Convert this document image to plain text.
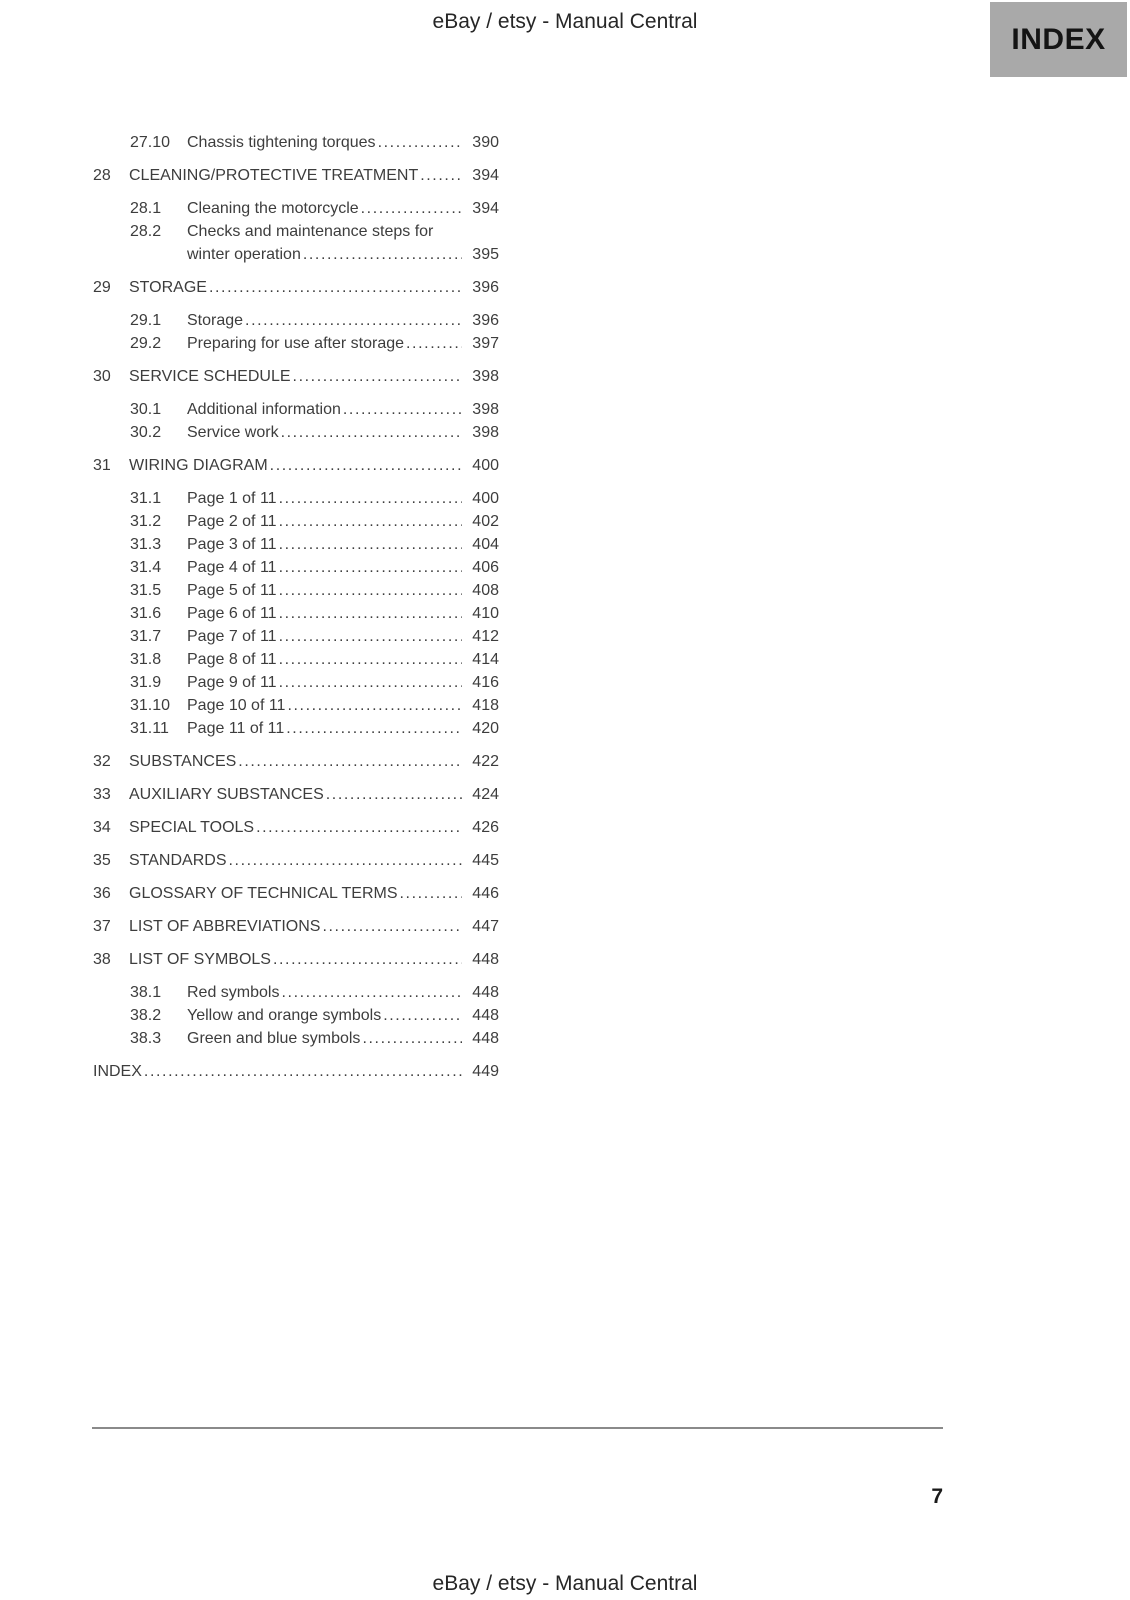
eBay / etsy - Manual Central
INDEX
27.10	Chassis tightening torques .....	390
28	CLEANING/PROTECTIVE TREATMENT .....	394
28.1	Cleaning the motorcycle .....	394
28.2	Checks and maintenance steps for
winter operation .....	395
29	STORAGE .....	396
29.1	Storage .....	396
29.2	Preparing for use after storage .....	397
30	SERVICE SCHEDULE .....	398
30.1	Additional information .....	398
30.2	Service work .....	398
31	WIRING DIAGRAM .....	400
31.1	Page 1 of 11 .....	400
31.2	Page 2 of 11 .....	402
31.3	Page 3 of 11 .....	404
31.4	Page 4 of 11 .....	406
31.5	Page 5 of 11 .....	408
31.6	Page 6 of 11 .....	410
31.7	Page 7 of 11 .....	412
31.8	Page 8 of 11 .....	414
31.9	Page 9 of 11 .....	416
31.10	Page 10 of 11 .....	418
31.11	Page 11 of 11 .....	420
32	SUBSTANCES .....	422
33	AUXILIARY SUBSTANCES .....	424
34	SPECIAL TOOLS .....	426
35	STANDARDS .....	445
36	GLOSSARY OF TECHNICAL TERMS .....	446
37	LIST OF ABBREVIATIONS .....	447
38	LIST OF SYMBOLS .....	448
38.1	Red symbols .....	448
38.2	Yellow and orange symbols .....	448
38.3	Green and blue symbols .....	448
INDEX .....	449
7
eBay / etsy - Manual Central
